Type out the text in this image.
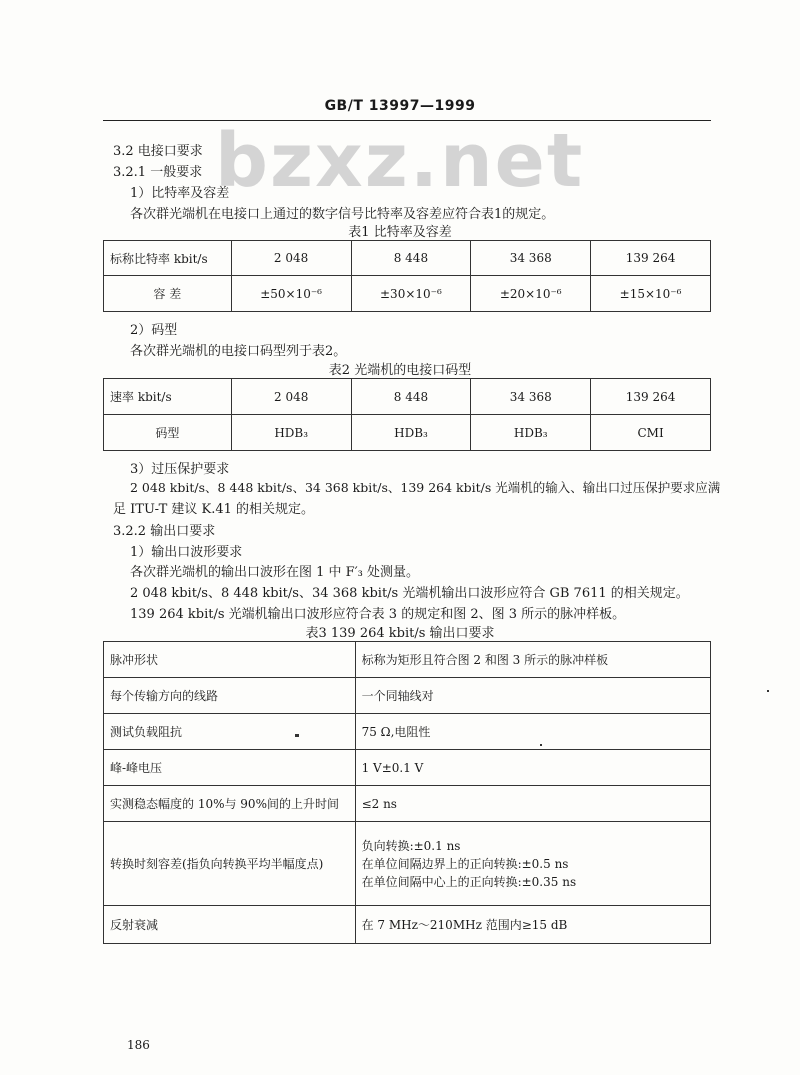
GB/T 13997—1999
bzxz.net
3.2 电接口要求
3.2.1 一般要求
1）比特率及容差
各次群光端机在电接口上通过的数字信号比特率及容差应符合表1的规定。
表1 比特率及容差
标称比特率 kbit/s	2 048	8 448	34 368	139 264
容 差	±50×10⁻⁶	±30×10⁻⁶	±20×10⁻⁶	±15×10⁻⁶
2）码型
各次群光端机的电接口码型列于表2。
表2 光端机的电接口码型
速率 kbit/s	2 048	8 448	34 368	139 264
码型	HDB₃	HDB₃	HDB₃	CMI
3）过压保护要求
2 048 kbit/s、8 448 kbit/s、34 368 kbit/s、139 264 kbit/s 光端机的输入、输出口过压保护要求应满
足 ITU-T 建议 K.41 的相关规定。
3.2.2 输出口要求
1）输出口波形要求
各次群光端机的输出口波形在图 1 中 F′₃ 处测量。
2 048 kbit/s、8 448 kbit/s、34 368 kbit/s 光端机输出口波形应符合 GB 7611 的相关规定。
139 264 kbit/s 光端机输出口波形应符合表 3 的规定和图 2、图 3 所示的脉冲样板。
表3 139 264 kbit/s 输出口要求
脉冲形状	标称为矩形且符合图 2 和图 3 所示的脉冲样板
每个传输方向的线路	一个同轴线对
测试负载阻抗	75 Ω,电阻性
峰-峰电压	1 V±0.1 V
实测稳态幅度的 10%与 90%间的上升时间	≤2 ns
转换时刻容差(指负向转换平均半幅度点)	负向转换:±0.1 ns
在单位间隔边界上的正向转换:±0.5 ns
在单位间隔中心上的正向转换:±0.35 ns

反射衰减	在 7 MHz～210MHz 范围内≥15 dB
186
